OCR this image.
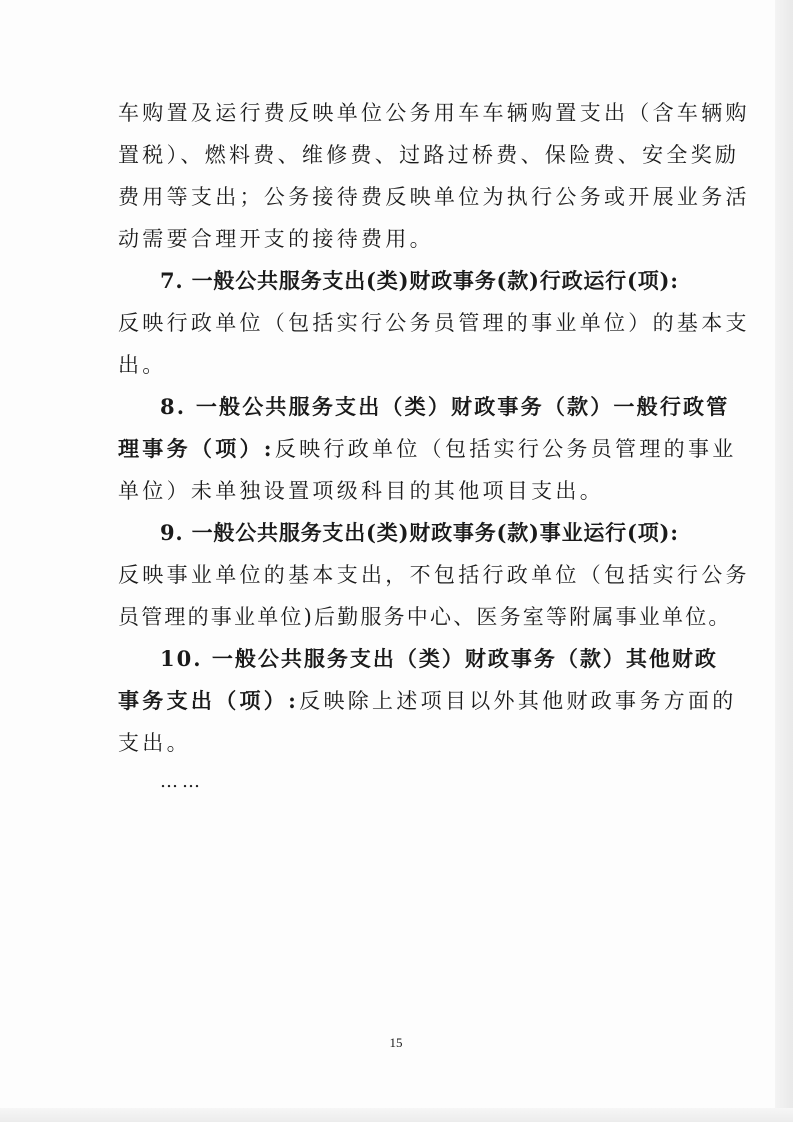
车购置及运行费反映单位公务用车车辆购置支出（含车辆购
置税）、燃料费、维修费、过路过桥费、保险费、安全奖励
费用等支出；公务接待费反映单位为执行公务或开展业务活
动需要合理开支的接待费用。
7. 一般公共服务支出(类)财政事务(款)行政运行(项):
反映行政单位（包括实行公务员管理的事业单位）的基本支
出。
8. 一般公共服务支出（类）财政事务（款）一般行政管
理事务（项）:反映行政单位（包括实行公务员管理的事业
单位）未单独设置项级科目的其他项目支出。
9. 一般公共服务支出(类)财政事务(款)事业运行(项):
反映事业单位的基本支出，不包括行政单位（包括实行公务
员管理的事业单位)后勤服务中心、医务室等附属事业单位。
10. 一般公共服务支出（类）财政事务（款）其他财政
事务支出（项）:反映除上述项目以外其他财政事务方面的
支出。
……
15
